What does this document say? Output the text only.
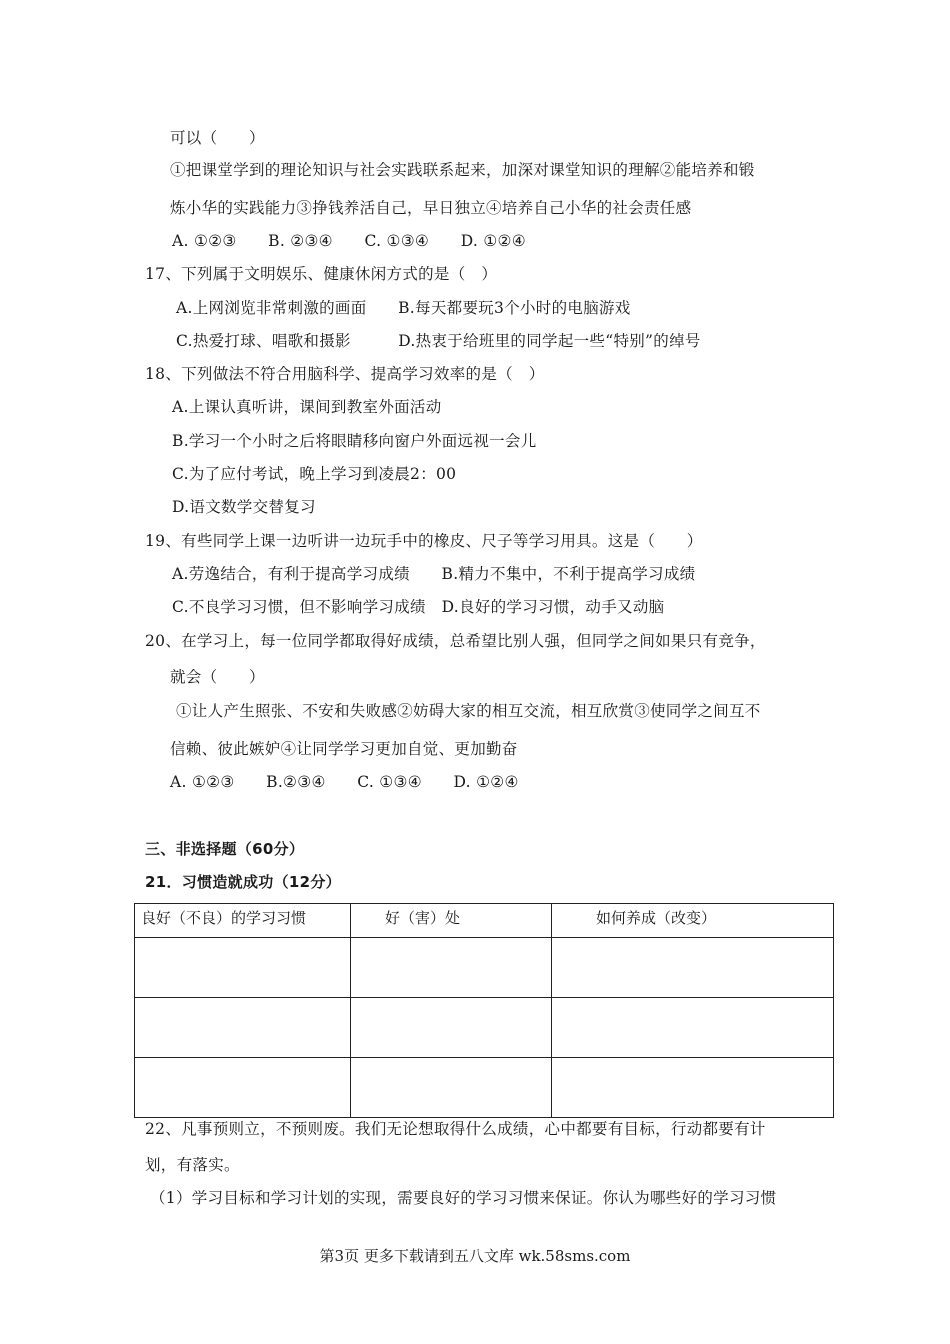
可以（　　）
①把课堂学到的理论知识与社会实践联系起来，加深对课堂知识的理解②能培养和锻
炼小华的实践能力③挣钱养活自己，早日独立④培养自己小华的社会责任感
A. ①②③　　B. ②③④　　C. ①③④　　D. ①②④
17、下列属于文明娱乐、健康休闲方式的是（　）
A.上网浏览非常刺激的画面　　B.每天都要玩3个小时的电脑游戏
C.热爱打球、唱歌和摄影　　　D.热衷于给班里的同学起一些“特别”的绰号
18、下列做法不符合用脑科学、提高学习效率的是（　）
A.上课认真听讲，课间到教室外面活动
B.学习一个小时之后将眼睛移向窗户外面远视一会儿
C.为了应付考试，晚上学习到凌晨2：00
D.语文数学交替复习
19、有些同学上课一边听讲一边玩手中的橡皮、尺子等学习用具。这是（　　）
A.劳逸结合，有利于提高学习成绩　　B.精力不集中，不利于提高学习成绩
C.不良学习习惯，但不影响学习成绩　D.良好的学习习惯，动手又动脑
20、在学习上，每一位同学都取得好成绩，总希望比别人强，但同学之间如果只有竞争，
就会（　　）
①让人产生照张、不安和失败感②妨碍大家的相互交流，相互欣赏③使同学之间互不
信赖、彼此嫉妒④让同学学习更加自觉、更加勤奋
A. ①②③　　B.②③④　　C. ①③④　　D. ①②④
三、非选择题（60分）
21．习惯造就成功（12分）
良好（不良）的学习习惯	好（害）处	如何养成（改变）

22、凡事预则立，不预则废。我们无论想取得什么成绩，心中都要有目标，行动都要有计
划，有落实。
（1）学习目标和学习计划的实现，需要良好的学习习惯来保证。你认为哪些好的学习习惯
第3页 更多下载请到五八文库 wk.58sms.com
